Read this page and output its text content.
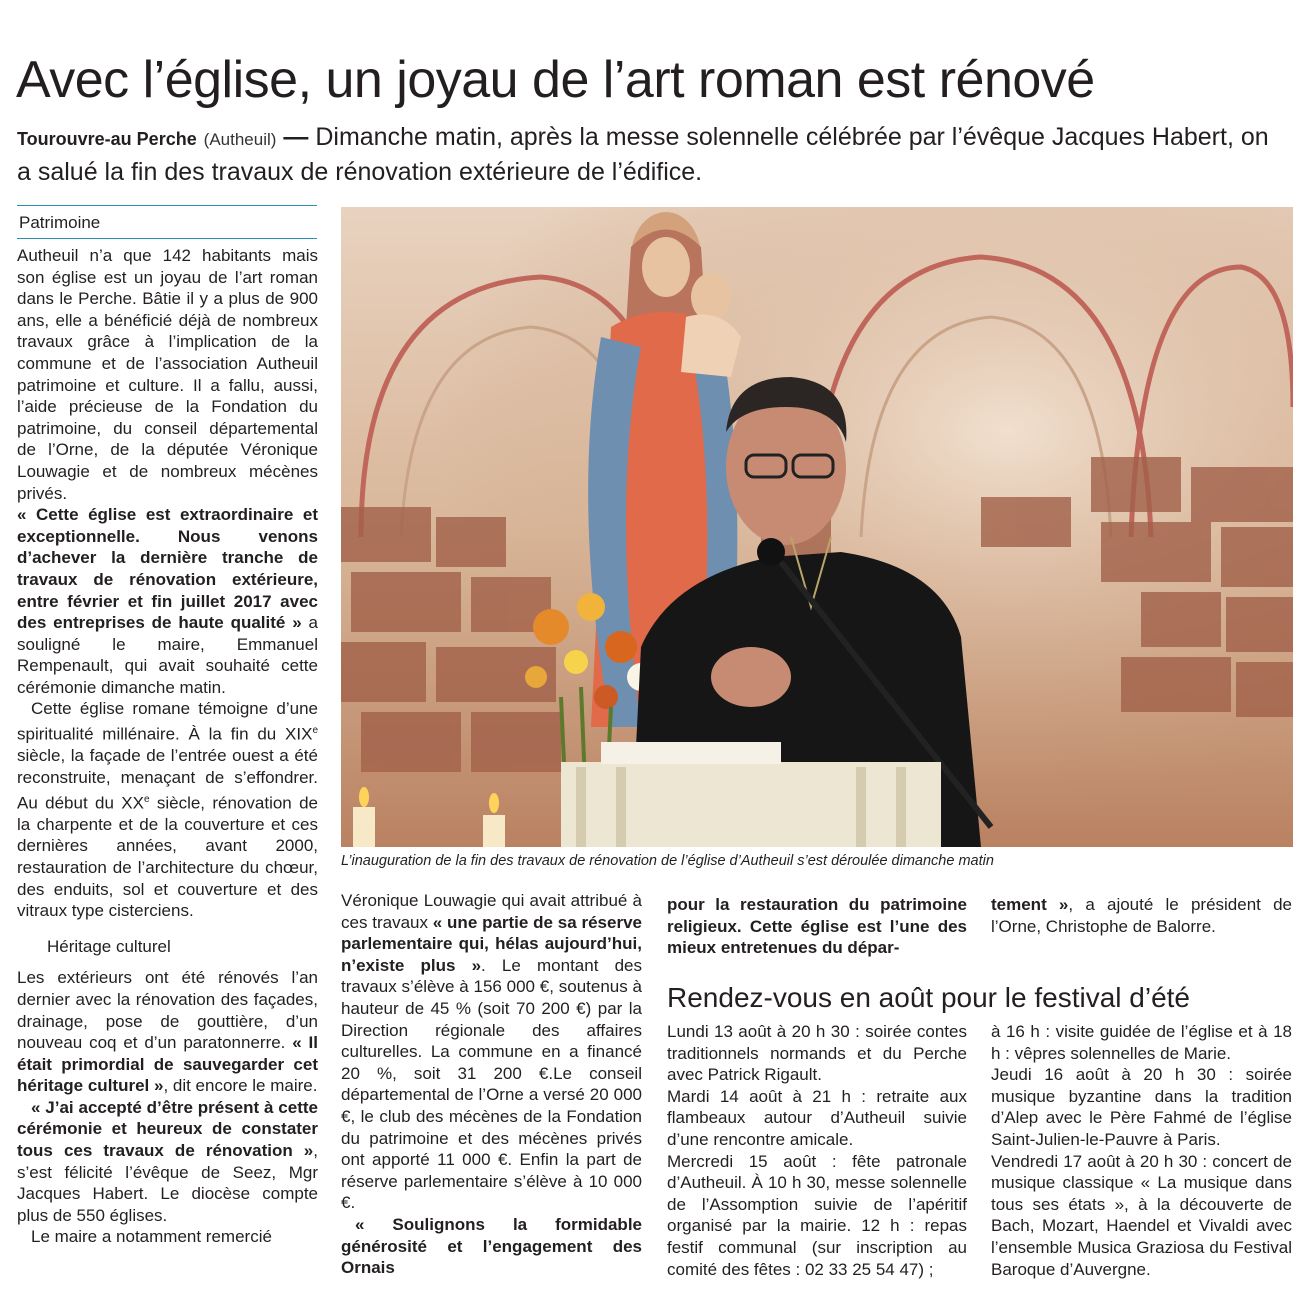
Avec l’église, un joyau de l’art roman est rénové

Tourouvre-au Perche (Autheuil) — Dimanche matin, après la messe solennelle célébrée par l’évêque Jacques Habert, on a salué la fin des travaux de rénovation extérieure de l’édifice.

Patrimoine

Autheuil n’a que 142 habitants mais son église est un joyau de l’art roman dans le Perche. Bâtie il y a plus de 900 ans, elle a bénéficié déjà de nombreux travaux grâce à l’implication de la commune et de l’association Autheuil patrimoine et culture. Il a fallu, aussi, l’aide précieuse de la Fondation du patrimoine, du conseil départemental de l’Orne, de la députée Véronique Louwagie et de nombreux mécènes privés.

« Cette église est extraordinaire et exceptionnelle. Nous venons d’achever la dernière tranche de travaux de rénovation extérieure, entre février et fin juillet 2017 avec des entreprises de haute qualité » a souligné le maire, Emmanuel Rempenault, qui avait souhaité cette cérémonie dimanche matin.

Cette église romane témoigne d’une spiritualité millénaire. À la fin du XIXe siècle, la façade de l’entrée ouest a été reconstruite, menaçant de s’effondrer. Au début du XXe siècle, rénovation de la charpente et de la couverture et ces dernières années, avant 2000, restauration de l’architecture du chœur, des enduits, sol et couverture et des vitraux type cisterciens.

Héritage culturel

Les extérieurs ont été rénovés l’an dernier avec la rénovation des façades, drainage, pose de gouttière, d’un nouveau coq et d’un paratonnerre. « Il était primordial de sauvegarder cet héritage culturel », dit encore le maire.

« J’ai accepté d’être présent à cette cérémonie et heureux de constater tous ces travaux de rénovation », s’est félicité l’évêque de Seez, Mgr Jacques Habert. Le diocèse compte plus de 550 églises.

Le maire a notamment remercié

L’inauguration de la fin des travaux de rénovation de l’église d’Autheuil s’est déroulée dimanche matin

Véronique Louwagie qui avait attribué à ces travaux « une partie de sa réserve parlementaire qui, hélas aujourd’hui, n’existe plus ». Le montant des travaux s’élève à 156 000 €, soutenus à hauteur de 45 % (soit 70 200 €) par la Direction régionale des affaires culturelles. La commune en a financé 20 %, soit 31 200 €.Le conseil départemental de l’Orne a versé 20 000 €, le club des mécènes de la Fondation du patrimoine et des mécènes privés ont apporté 11 000 €. Enfin la part de réserve parlementaire s’élève à 10 000 €.

« Soulignons la formidable générosité et l’engagement des Ornais

pour la restauration du patrimoine religieux. Cette église est l’une des mieux entretenues du dépar-

tement », a ajouté le président de l’Orne, Christophe de Balorre.

Rendez-vous en août pour le festival d’été

Lundi 13 août à 20 h 30 : soirée contes traditionnels normands et du Perche avec Patrick Rigault.

Mardi 14 août à 21 h : retraite aux flambeaux autour d’Autheuil suivie d’une rencontre amicale.

Mercredi 15 août : fête patronale d’Autheuil. À 10 h 30, messe solennelle de l’Assomption suivie de l’apéritif organisé par la mairie. 12 h : repas festif communal (sur inscription au comité des fêtes : 02 33 25 54 47) ;

à 16 h : visite guidée de l’église et à 18 h : vêpres solennelles de Marie.

Jeudi 16 août à 20 h 30 : soirée musique byzantine dans la tradition d’Alep avec le Père Fahmé de l’église Saint-Julien-le-Pauvre à Paris.

Vendredi 17 août à 20 h 30 : concert de musique classique « La musique dans tous ses états », à la découverte de Bach, Mozart, Haendel et Vivaldi avec l’ensemble Musica Graziosa du Festival Baroque d’Auvergne.
